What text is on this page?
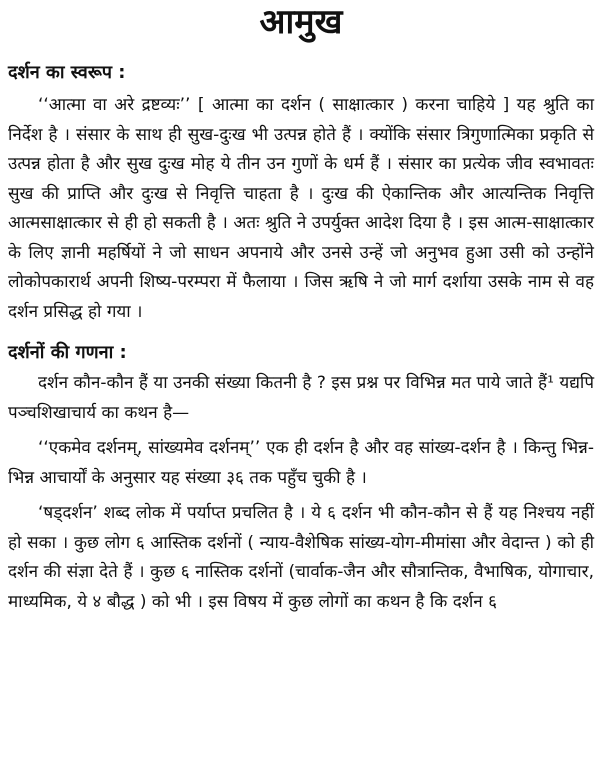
आमुख
दर्शन का स्वरूप :

‘‘आत्मा वा अरे द्रष्टव्यः’’ [ आत्मा का दर्शन ( साक्षात्कार ) करना चाहिये ] यह श्रुति का निर्देश है । संसार के साथ ही सुख-दुःख भी उत्पन्न होते हैं । क्योंकि संसार त्रिगुणात्मिका प्रकृति से उत्पन्न होता है और सुख दुःख मोह ये तीन उन गुणों के धर्म हैं । संसार का प्रत्येक जीव स्वभावतः सुख की प्राप्ति और दुःख से निवृत्ति चाहता है । दुःख की ऐकान्तिक और आत्यन्तिक निवृत्ति आत्मसाक्षात्कार से ही हो सकती है । अतः श्रुति ने उपर्युक्त आदेश दिया है । इस आत्म-साक्षात्कार के लिए ज्ञानी महर्षियों ने जो साधन अपनाये और उनसे उन्हें जो अनुभव हुआ उसी को उन्होंने लोकोपकारार्थ अपनी शिष्य-परम्परा में फैलाया । जिस ऋषि ने जो मार्ग दर्शाया उसके नाम से वह दर्शन प्रसिद्ध हो गया ।

दर्शनों की गणना :

दर्शन कौन-कौन हैं या उनकी संख्या कितनी है ? इस प्रश्न पर विभिन्न मत पाये जाते हैं¹ यद्यपि पञ्चशिखाचार्य का कथन है—

‘‘एकमेव दर्शनम्, सांख्यमेव दर्शनम्’’ एक ही दर्शन है और वह सांख्य-दर्शन है । किन्तु भिन्न-भिन्न आचार्यों के अनुसार यह संख्या ३६ तक पहुँच चुकी है ।

‘षड्दर्शन’ शब्द लोक में पर्याप्त प्रचलित है । ये ६ दर्शन भी कौन-कौन से हैं यह निश्चय नहीं हो सका । कुछ लोग ६ आस्तिक दर्शनों ( न्याय-वैशेषिक सांख्य-योग-मीमांसा और वेदान्त ) को ही दर्शन की संज्ञा देते हैं । कुछ ६ नास्तिक दर्शनों (चार्वाक-जैन और सौत्रान्तिक, वैभाषिक, योगाचार, माध्यमिक, ये ४ बौद्ध ) को भी । इस विषय में कुछ लोगों का कथन है कि दर्शन ६
